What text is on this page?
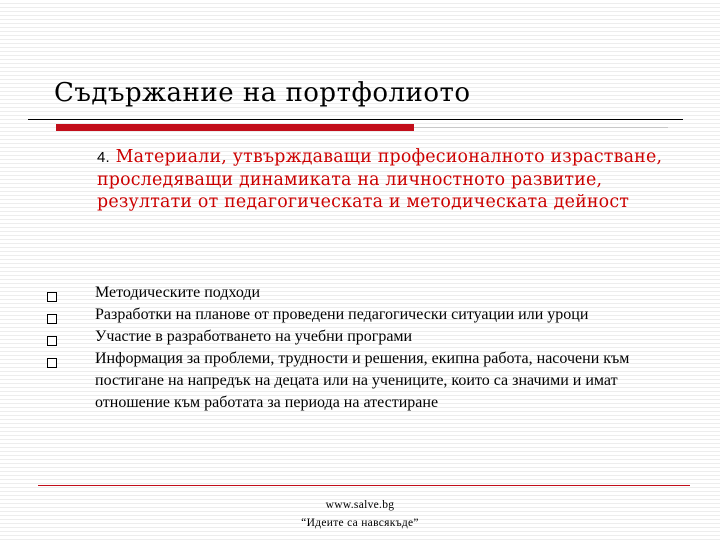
Съдържание на портфолиото

4. Материали, утвърждаващи професионалното израстване, проследяващи динамиката на личностното развитие, резултати от педагогическата и методическата дейност

Методическите подходи
Разработки на планове от проведени педагогически ситуации или уроци
Участие в разработването на учебни програми
Информация за проблеми, трудности и решения, екипна работа, насочени към постигане на напредък на децата или на учениците, които са значими и имат отношение към работата за периода на атестиране
www.salve.bg
“Идеите са навсякъде”
